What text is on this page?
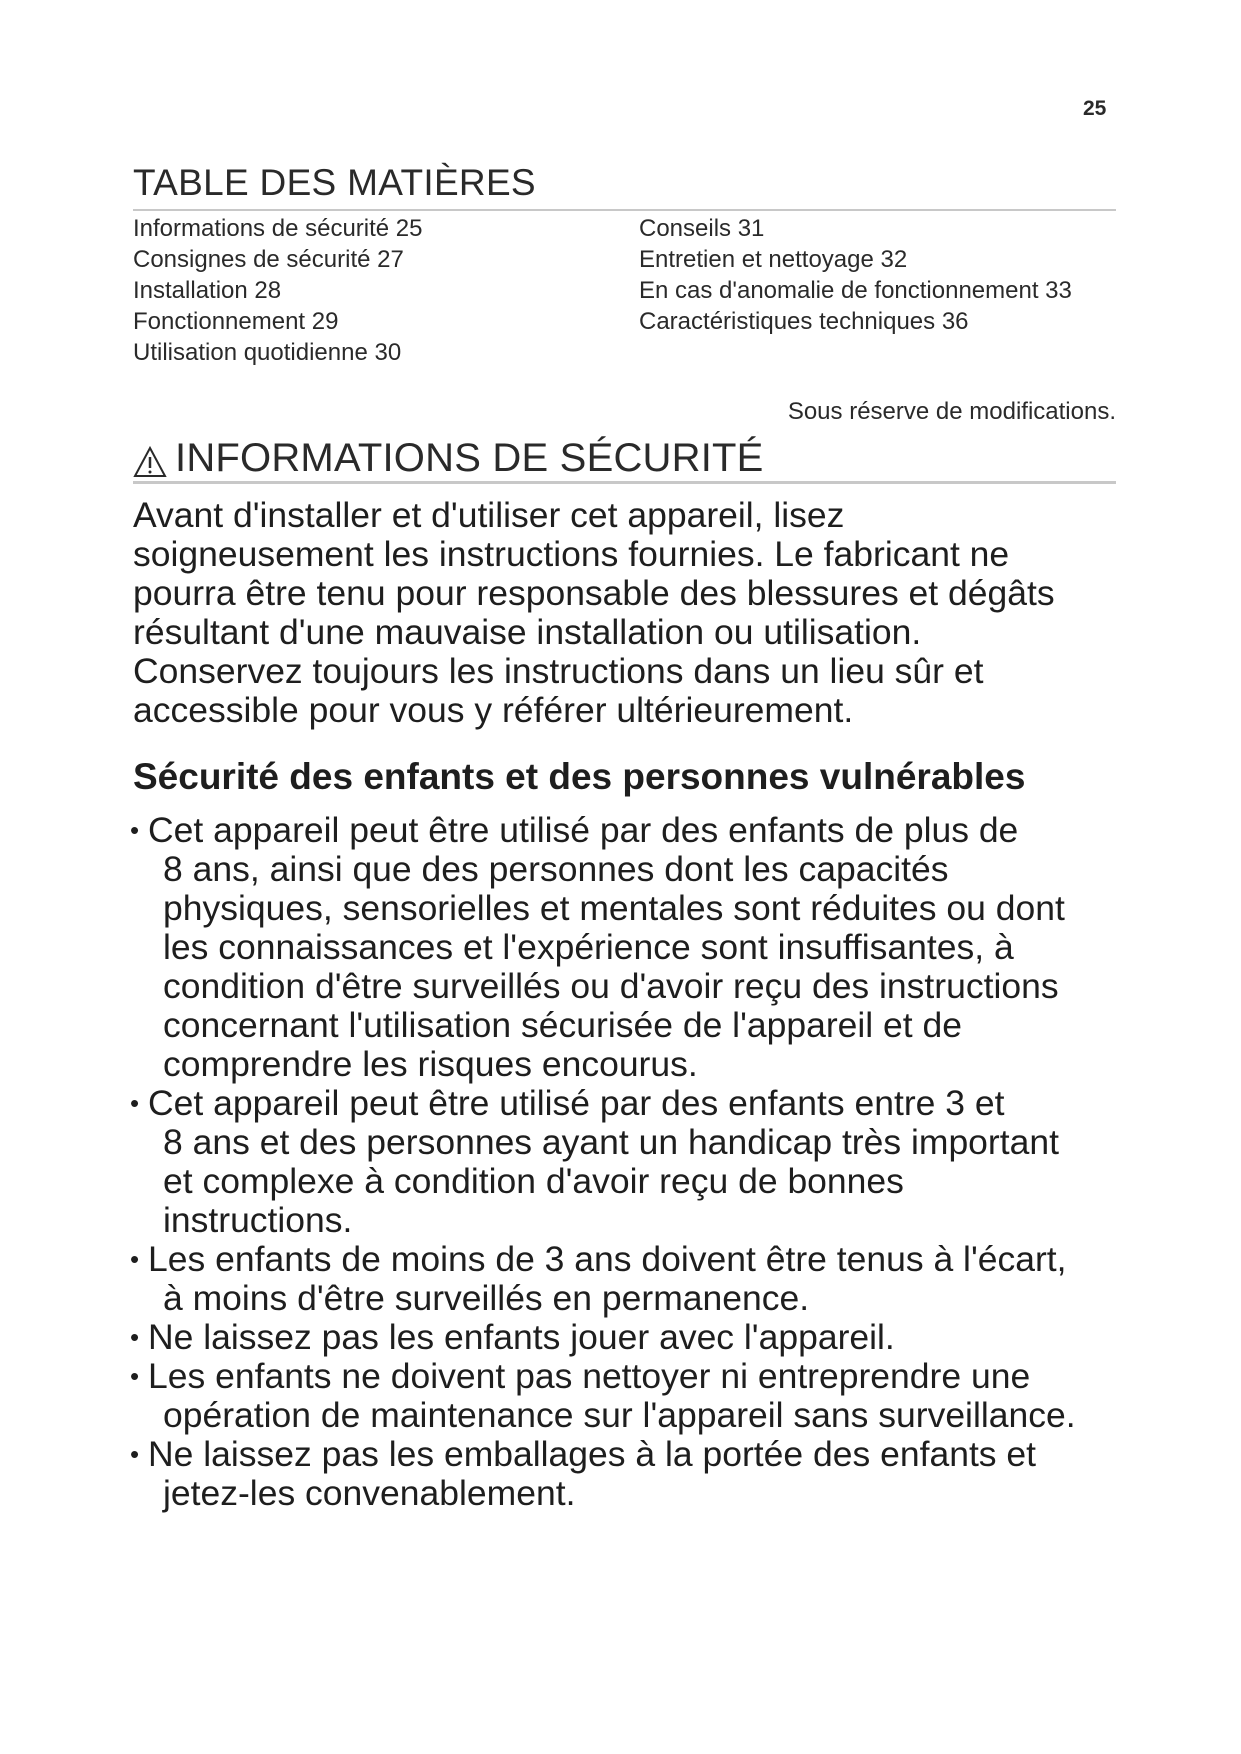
25
TABLE DES MATIÈRES
Informations de sécurité 25
Consignes de sécurité 27
Installation 28
Fonctionnement 29
Utilisation quotidienne 30
Conseils 31
Entretien et nettoyage 32
En cas d'anomalie de fonctionnement 33
Caractéristiques techniques 36
Sous réserve de modifications.
INFORMATIONS DE SÉCURITÉ
Avant d'installer et d'utiliser cet appareil, lisez
soigneusement les instructions fournies. Le fabricant ne
pourra être tenu pour responsable des blessures et dégâts
résultant d'une mauvaise installation ou utilisation.
Conservez toujours les instructions dans un lieu sûr et
accessible pour vous y référer ultérieurement.
Sécurité des enfants et des personnes vulnérables
• Cet appareil peut être utilisé par des enfants de plus de
8 ans, ainsi que des personnes dont les capacités
physiques, sensorielles et mentales sont réduites ou dont
les connaissances et l'expérience sont insuffisantes, à
condition d'être surveillés ou d'avoir reçu des instructions
concernant l'utilisation sécurisée de l'appareil et de
comprendre les risques encourus.
• Cet appareil peut être utilisé par des enfants entre 3 et
8 ans et des personnes ayant un handicap très important
et complexe à condition d'avoir reçu de bonnes
instructions.
• Les enfants de moins de 3 ans doivent être tenus à l'écart,
à moins d'être surveillés en permanence.
• Ne laissez pas les enfants jouer avec l'appareil.
• Les enfants ne doivent pas nettoyer ni entreprendre une
opération de maintenance sur l'appareil sans surveillance.
• Ne laissez pas les emballages à la portée des enfants et
jetez-les convenablement.
